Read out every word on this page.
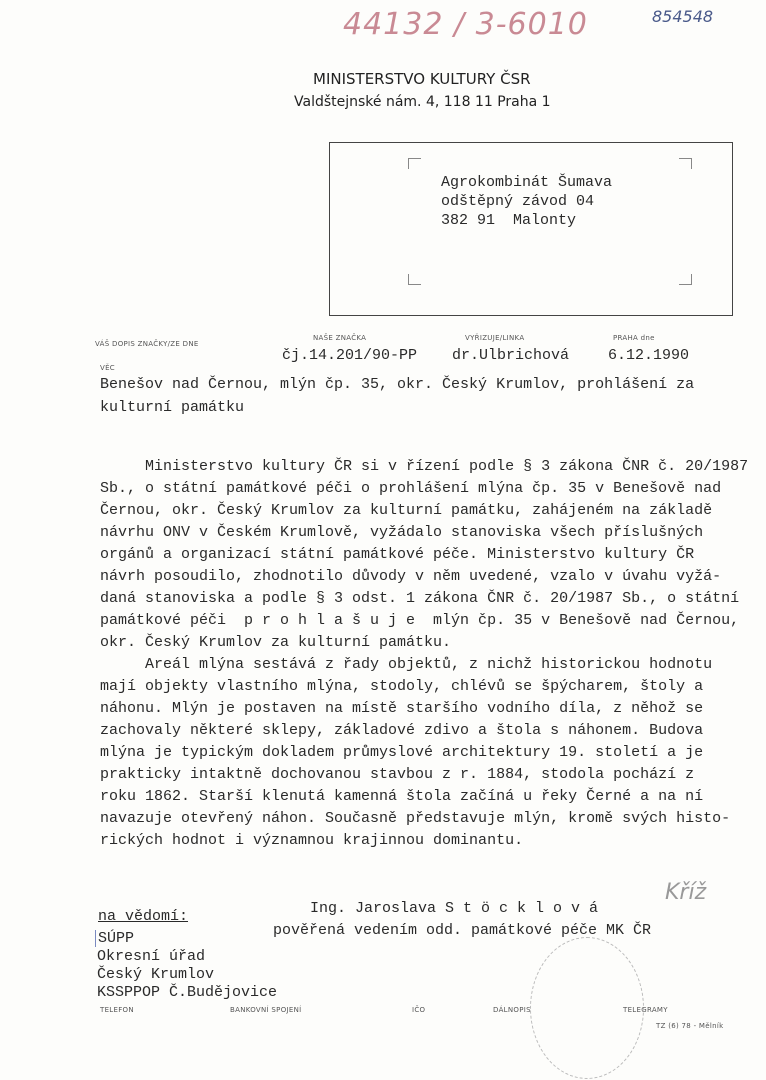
44132 / 3-6010	854548
MINISTERSTVO KULTURY ČSR
Valdštejnské nám. 4, 118 11 Praha 1
Agrokombinát Šumava
odštěpný závod 04
382 91  Malonty
VÁŠ DOPIS ZNAČKY/ZE DNE
NAŠE ZNAČKA
čj.14.201/90-PP
VYŘIZUJE/LINKA
dr.Ulbrichová
PRAHA dne
6.12.1990
VĚC
Benešov nad Černou, mlýn čp. 35, okr. Český Krumlov, prohlášení za
kulturní památku
Ministerstvo kultury ČR si v řízení podle § 3 zákona ČNR č. 20/1987
Sb., o státní památkové péči o prohlášení mlýna čp. 35 v Benešově nad
Černou, okr. Český Krumlov za kulturní památku, zahájeném na základě
návrhu ONV v Českém Krumlově, vyžádalo stanoviska všech příslušných
orgánů a organizací státní památkové péče. Ministerstvo kultury ČR
návrh posoudilo, zhodnotilo důvody v něm uvedené, vzalo v úvahu vyžá-
daná stanoviska a podle § 3 odst. 1 zákona ČNR č. 20/1987 Sb., o státní
památkové péči  p r o h l a š u j e  mlýn čp. 35 v Benešově nad Černou,
okr. Český Krumlov za kulturní památku.
Areál mlýna sestává z řady objektů, z nichž historickou hodnotu
mají objekty vlastního mlýna, stodoly, chlévů se špýcharem, štoly a
náhonu. Mlýn je postaven na místě staršího vodního díla, z něhož se
zachovaly některé sklepy, základové zdivo a štola s náhonem. Budova
mlýna je typickým dokladem průmyslové architektury 19. století a je
prakticky intaktně dochovanou stavbou z r. 1884, stodola pochází z
roku 1862. Starší klenutá kamenná štola začíná u řeky Černé a na ní
navazuje otevřený náhon. Současně představuje mlýn, kromě svých histo-
rických hodnot i významnou krajinnou dominantu.
Ing. Jaroslava S t ö c k l o v á
pověřená vedením odd. památkové péče MK ČR
Kříž
na vědomí:
SÚPP
Okresní úřad
Český Krumlov
KSSPPOP Č.Budějovice
TELEFON	BANKOVNÍ SPOJENÍ	IČO	DÁLNOPIS	TELEGRAMY
TZ (6) 78 - Mělník
